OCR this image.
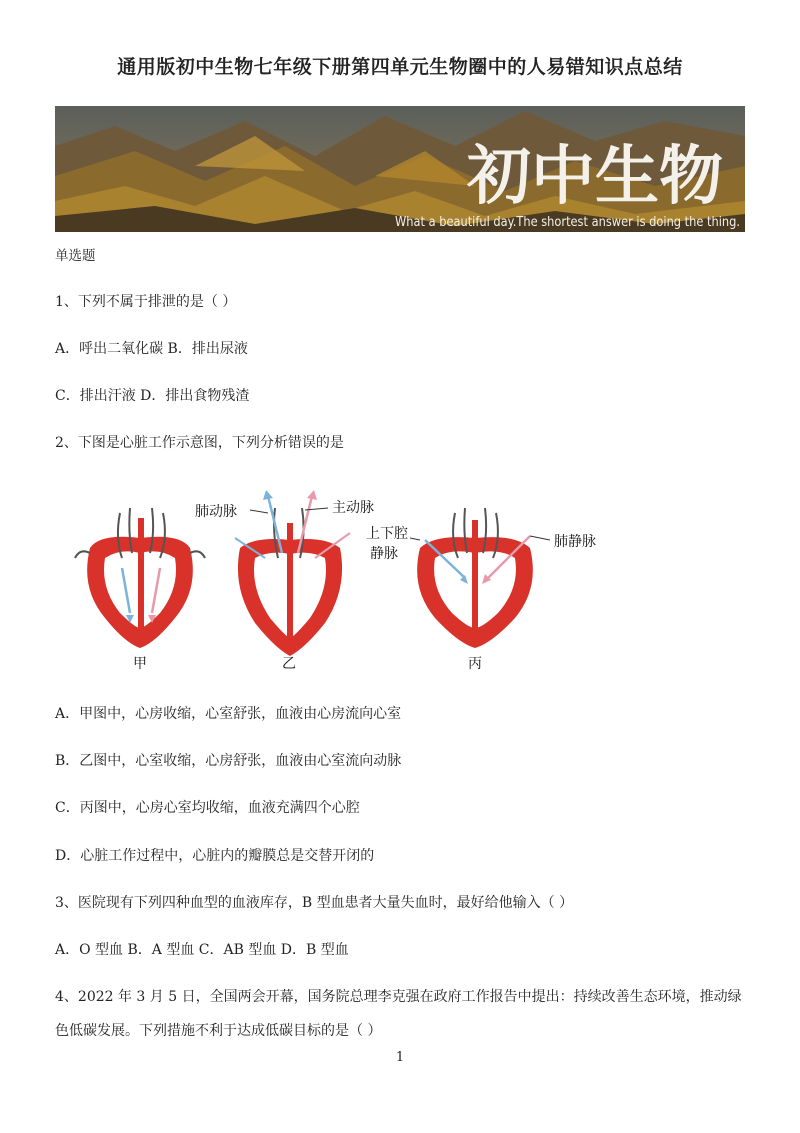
通用版初中生物七年级下册第四单元生物圈中的人易错知识点总结
初中生物
What a beautiful day.The shortest answer is doing the thing.
单选题
1、下列不属于排泄的是（ ）
A．呼出二氧化碳 B．排出尿液
C．排出汗液 D．排出食物残渣
2、下图是心脏工作示意图，下列分析错误的是
甲
肺动脉	主动脉
乙
上下腔
静脉
肺静脉
丙
A．甲图中，心房收缩，心室舒张，血液由心房流向心室
B．乙图中，心室收缩，心房舒张，血液由心室流向动脉
C．丙图中，心房心室均收缩，血液充满四个心腔
D．心脏工作过程中，心脏内的瓣膜总是交替开闭的
3、医院现有下列四种血型的血液库存，B 型血患者大量失血时，最好给他输入（ ）
A．O 型血 B．A 型血 C．AB 型血 D．B 型血
4、2022 年 3 月 5 日，全国两会开幕，国务院总理李克强在政府工作报告中提出：持续改善生态环境，推动绿色低碳发展。下列措施不利于达成低碳目标的是（ ）
1
